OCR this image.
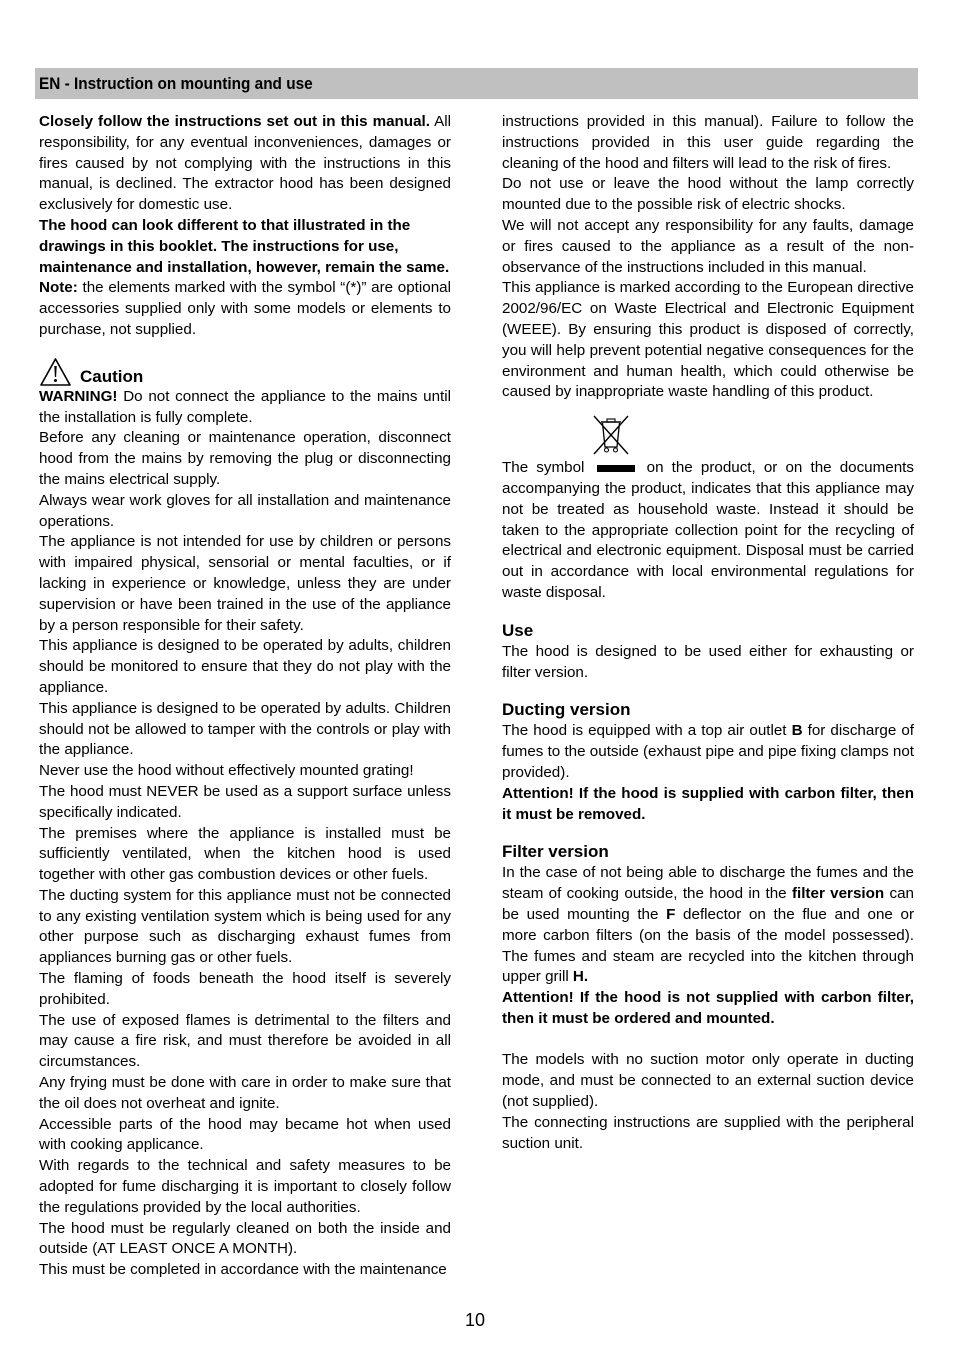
EN - Instruction on mounting and use

Closely follow the instructions set out in this manual. All responsibility, for any eventual inconveniences, damages or fires caused by not complying with the instructions in this manual, is declined. The extractor hood has been designed exclusively for domestic use.

The hood can look different to that illustrated in the drawings in this booklet. The instructions for use, maintenance and installation, however, remain the same.

Note: the elements marked with the symbol “(*)” are optional accessories supplied only with some models or elements to purchase, not supplied.

Caution

WARNING! Do not connect the appliance to the mains until the installation is fully complete.

Before any cleaning or maintenance operation, disconnect hood from the mains by removing the plug or disconnecting the mains electrical supply.

Always wear work gloves for all installation and maintenance operations.

The appliance is not intended for use by children or persons with impaired physical, sensorial or mental faculties, or if lacking in experience or knowledge, unless they are under supervision or have been trained in the use of the appliance by a person responsible for their safety.

This appliance is designed to be operated by adults, children should be monitored to ensure that they do not play with the appliance.

This appliance is designed to be operated by adults. Children should not be allowed to tamper with the controls or play with the appliance.

Never use the hood without effectively mounted grating!

The hood must NEVER be used as a support surface unless specifically indicated.

The premises where the appliance is installed must be sufficiently ventilated, when the kitchen hood is used together with other gas combustion devices or other fuels.

The ducting system for this appliance must not be connected to any existing ventilation system which is being used for any other purpose such as discharging exhaust fumes from appliances burning gas or other fuels.

The flaming of foods beneath the hood itself is severely prohibited.

The use of exposed flames is detrimental to the filters and may cause a fire risk, and must therefore be avoided in all circumstances.

Any frying must be done with care in order to make sure that the oil does not overheat and ignite.

Accessible parts of the hood may became hot when used with cooking applicance.

With regards to the technical and safety measures to be adopted for fume discharging it is important to closely follow the regulations provided by the local authorities.

The hood must be regularly cleaned on both the inside and outside (AT LEAST ONCE A MONTH).

This must be completed in accordance with the maintenance

instructions provided in this manual). Failure to follow the instructions provided in this user guide regarding the cleaning of the hood and filters will lead to the risk of fires.

Do not use or leave the hood without the lamp correctly mounted due to the possible risk of electric shocks.

We will not accept any responsibility for any faults, damage or fires caused to the appliance as a result of the non-observance of the instructions included in this manual.

This appliance is marked according to the European directive 2002/96/EC on Waste Electrical and Electronic Equipment (WEEE). By ensuring this product is disposed of correctly, you will help prevent potential negative consequences for the environment and human health, which could otherwise be caused by inappropriate waste handling of this product.

The symbol	on the product, or on the documents accompanying the product, indicates that this appliance may not be treated as household waste. Instead it should be taken to the appropriate collection point for the recycling of electrical and electronic equipment. Disposal must be carried out in accordance with local environmental regulations for waste disposal.

Use

The hood is designed to be used either for exhausting or filter version.

Ducting version

The hood is equipped with a top air outlet B for discharge of fumes to the outside (exhaust pipe and pipe fixing clamps not provided).

Attention! If the hood is supplied with carbon filter, then it must be removed.

Filter version

In the case of not being able to discharge the fumes and the steam of cooking outside, the hood in the filter version can be used mounting the F deflector on the flue and one or more carbon filters (on the basis of the model possessed). The fumes and steam are recycled into the kitchen through upper grill H.

Attention! If the hood is not supplied with carbon filter, then it must be ordered and mounted.

The models with no suction motor only operate in ducting mode, and must be connected to an external suction device (not supplied).

The connecting instructions are supplied with the peripheral suction unit.

10
